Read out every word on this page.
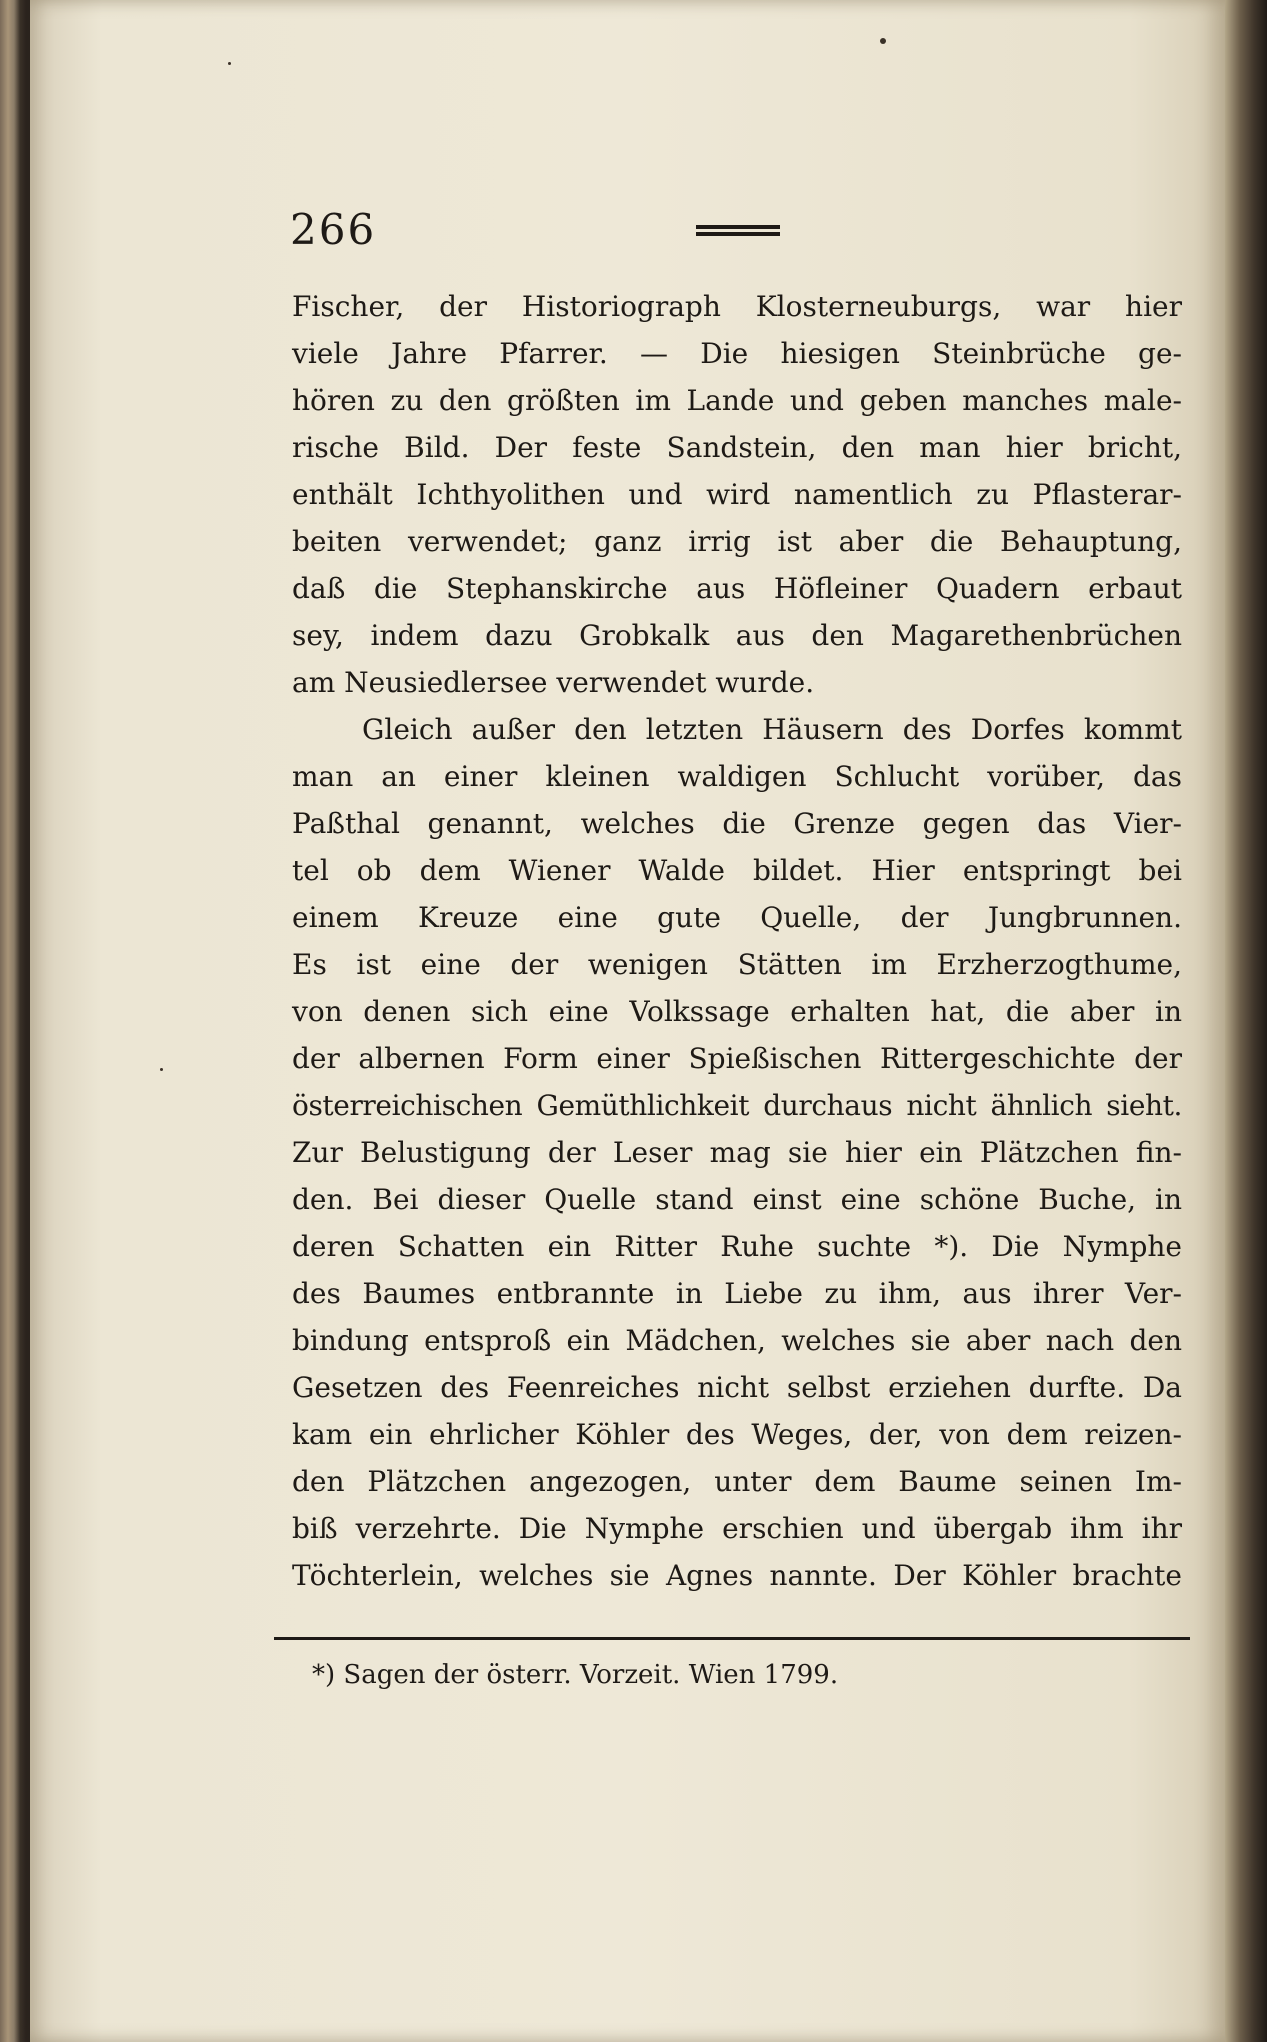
266
Fischer, der Historiograph Klosterneuburgs, war hier
viele Jahre Pfarrer. — Die hiesigen Steinbrüche ge-
hören zu den größten im Lande und geben manches male-
rische Bild. Der feste Sandstein, den man hier bricht,
enthält Ichthyolithen und wird namentlich zu Pflasterar-
beiten verwendet; ganz irrig ist aber die Behauptung,
daß die Stephanskirche aus Höfleiner Quadern erbaut
sey, indem dazu Grobkalk aus den Magarethenbrüchen
am Neusiedlersee verwendet wurde.
Gleich außer den letzten Häusern des Dorfes kommt
man an einer kleinen waldigen Schlucht vorüber, das
Paßthal genannt, welches die Grenze gegen das Vier-
tel ob dem Wiener Walde bildet. Hier entspringt bei
einem Kreuze eine gute Quelle, der Jungbrunnen.
Es ist eine der wenigen Stätten im Erzherzogthume,
von denen sich eine Volkssage erhalten hat, die aber in
der albernen Form einer Spießischen Rittergeschichte der
österreichischen Gemüthlichkeit durchaus nicht ähnlich sieht.
Zur Belustigung der Leser mag sie hier ein Plätzchen fin-
den. Bei dieser Quelle stand einst eine schöne Buche, in
deren Schatten ein Ritter Ruhe suchte *). Die Nymphe
des Baumes entbrannte in Liebe zu ihm, aus ihrer Ver-
bindung entsproß ein Mädchen, welches sie aber nach den
Gesetzen des Feenreiches nicht selbst erziehen durfte. Da
kam ein ehrlicher Köhler des Weges, der, von dem reizen-
den Plätzchen angezogen, unter dem Baume seinen Im-
biß verzehrte. Die Nymphe erschien und übergab ihm ihr
Töchterlein, welches sie Agnes nannte. Der Köhler brachte
*) Sagen der österr. Vorzeit. Wien 1799.
